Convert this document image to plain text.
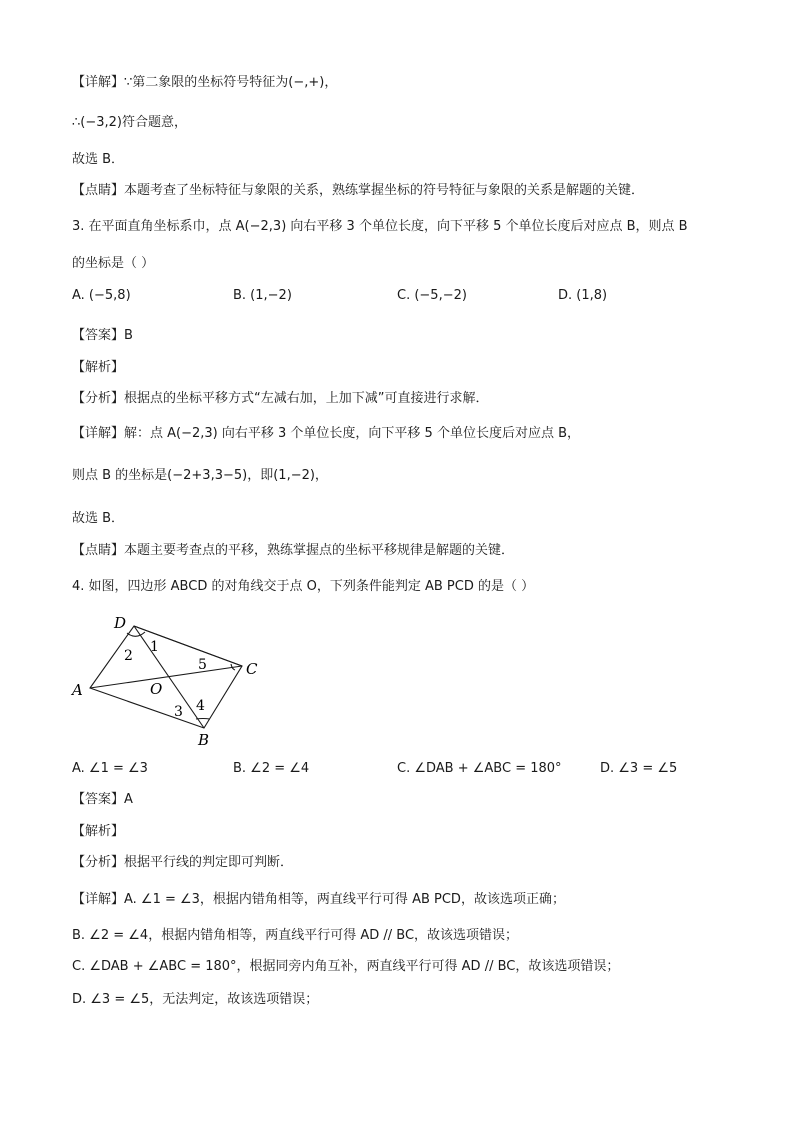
【详解】∵第二象限的坐标符号特征为(−,+)，
∴(−3,2)符合题意，
故选 B．
【点睛】本题考查了坐标特征与象限的关系，熟练掌握坐标的符号特征与象限的关系是解题的关键．
3. 在平面直角坐标系巾，点 A(−2,3) 向右平移 3 个单位长度，向下平移 5 个单位长度后对应点 B，则点 B
的坐标是（ ）
A. (−5,8)	B. (1,−2)	C. (−5,−2)	D. (1,8)
【答案】B
【解析】
【分析】根据点的坐标平移方式“左减右加，上加下减”可直接进行求解．
【详解】解：点 A(−2,3) 向右平移 3 个单位长度，向下平移 5 个单位长度后对应点 B，
则点 B 的坐标是(−2+3,3−5)，即(1,−2)，
故选 B．
【点睛】本题主要考查点的平移，熟练掌握点的坐标平移规律是解题的关键．
4. 如图，四边形 ABCD 的对角线交于点 O，下列条件能判定 AB PCD 的是（ ）
D
A
C
B
O
1
2
5
3 4
A. ∠1 = ∠3	B. ∠2 = ∠4	C. ∠DAB + ∠ABC = 180°	D. ∠3 = ∠5
【答案】A
【解析】
【分析】根据平行线的判定即可判断．
【详解】A. ∠1 = ∠3，根据内错角相等，两直线平行可得 AB PCD，故该选项正确；
B. ∠2 = ∠4，根据内错角相等，两直线平行可得 AD // BC，故该选项错误；
C. ∠DAB + ∠ABC = 180°，根据同旁内角互补，两直线平行可得 AD // BC，故该选项错误；
D. ∠3 = ∠5，无法判定，故该选项错误；
